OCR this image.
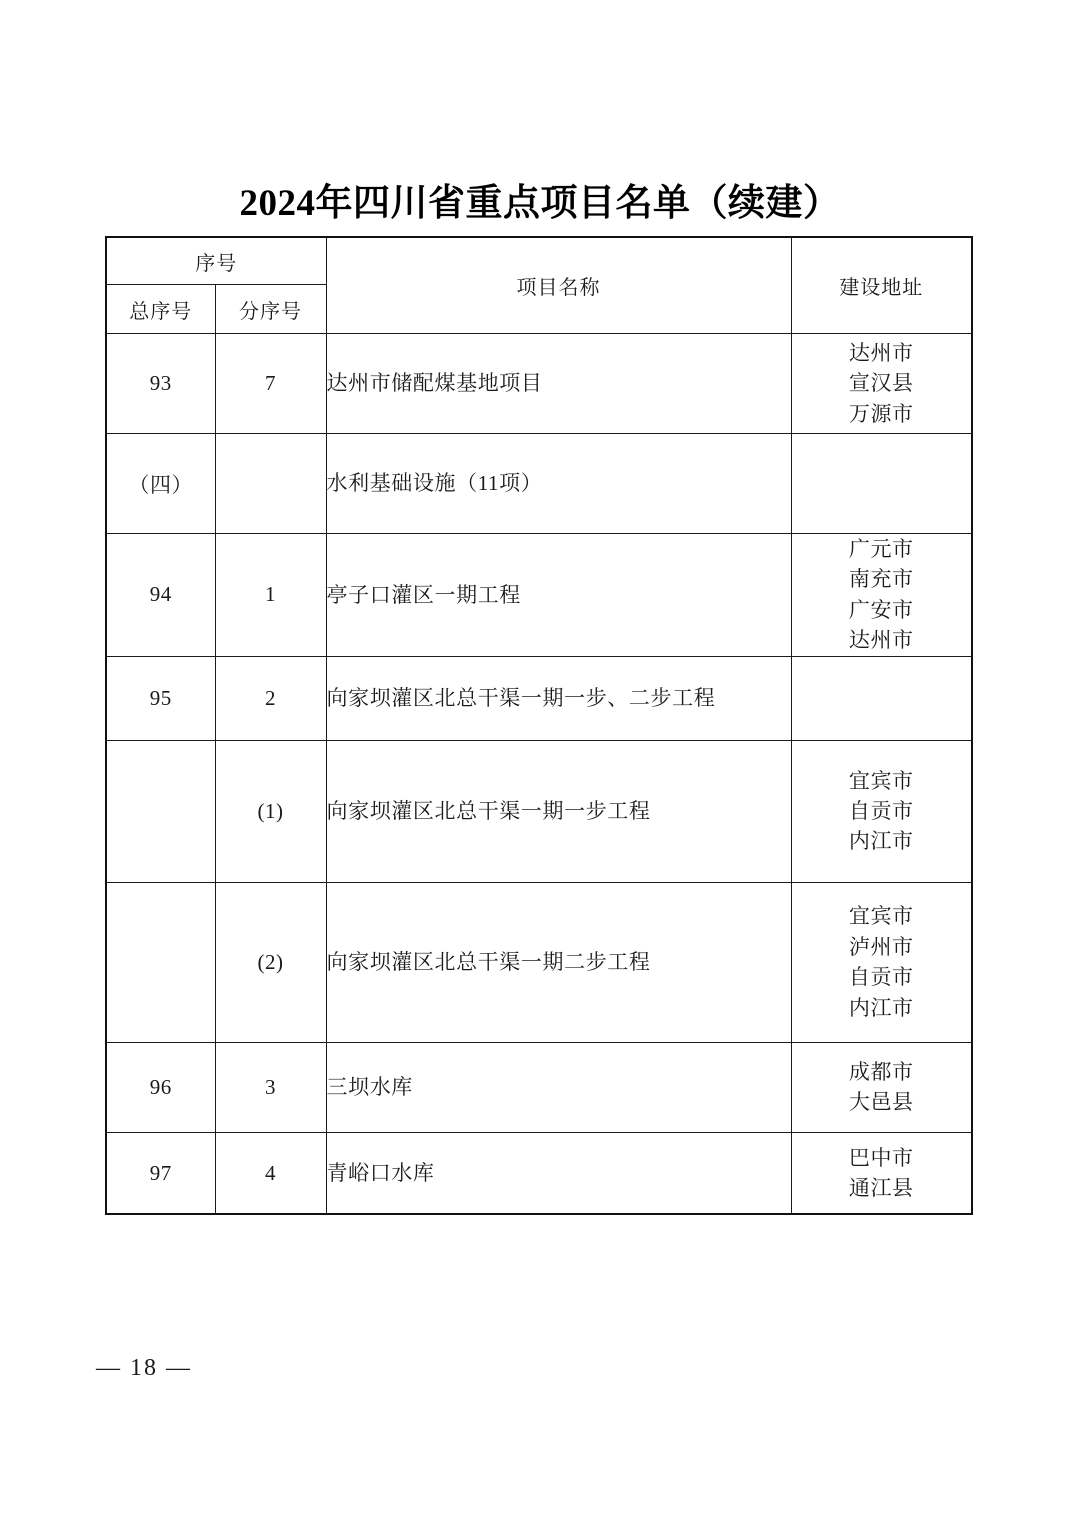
2024年四川省重点项目名单（续建）
序号		项目名称	建设地址
总序号	分序号		
93	7	达州市储配煤基地项目	达州市
宣汉县
万源市

（四）		水利基础设施（11项）	
94	1	亭子口灌区一期工程	广元市
南充市
广安市
达州市

95	2	向家坝灌区北总干渠一期一步、二步工程	
	(1)	向家坝灌区北总干渠一期一步工程	宜宾市
自贡市
内江市

	(2)	向家坝灌区北总干渠一期二步工程	宜宾市
泸州市
自贡市
内江市

96	3	三坝水库	成都市
大邑县

97	4	青峪口水库	巴中市
通江县
— 18 —
